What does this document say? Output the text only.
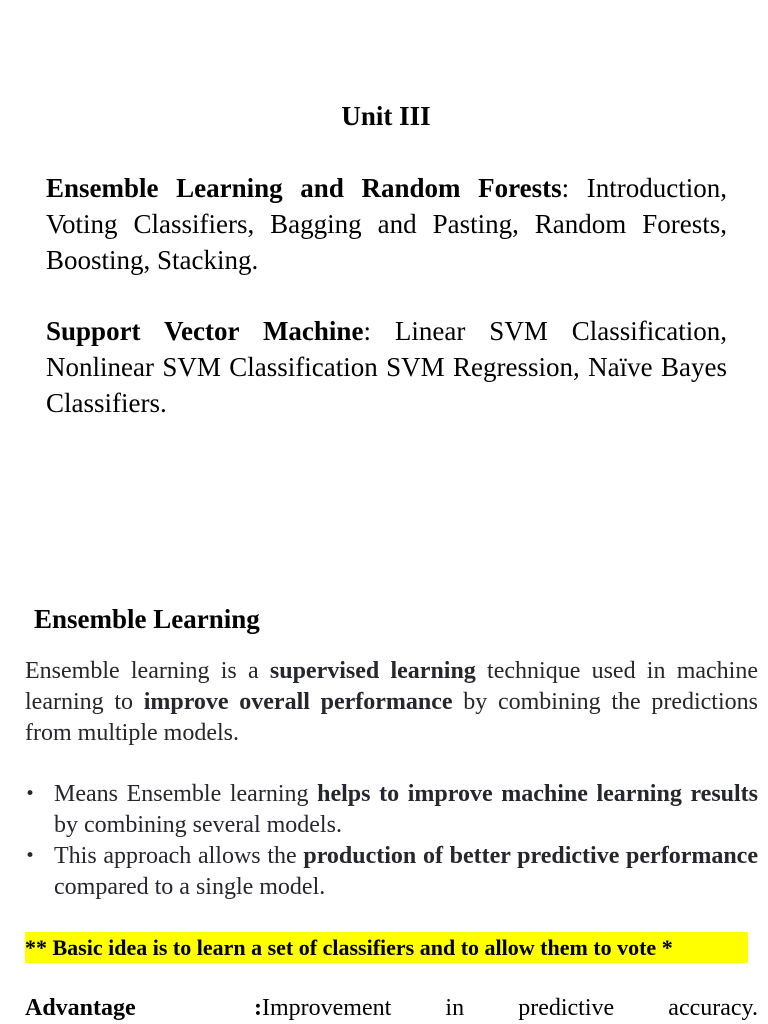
Unit III
Ensemble Learning and Random Forests: Introduction, Voting Classifiers, Bagging and Pasting, Random Forests, Boosting, Stacking.
Support Vector Machine: Linear SVM Classification, Nonlinear SVM Classification SVM Regression, Naïve Bayes Classifiers.
Ensemble Learning
Ensemble learning is a supervised learning technique used in machine learning to improve overall performance by combining the predictions from multiple models.
• Means Ensemble learning helps to improve machine learning results by combining several models.
• This approach allows the production of better predictive performance compared to a single model.
** Basic idea is to learn a set of classifiers and to allow them to vote *
Advantage	:Improvement in predictive accuracy.
